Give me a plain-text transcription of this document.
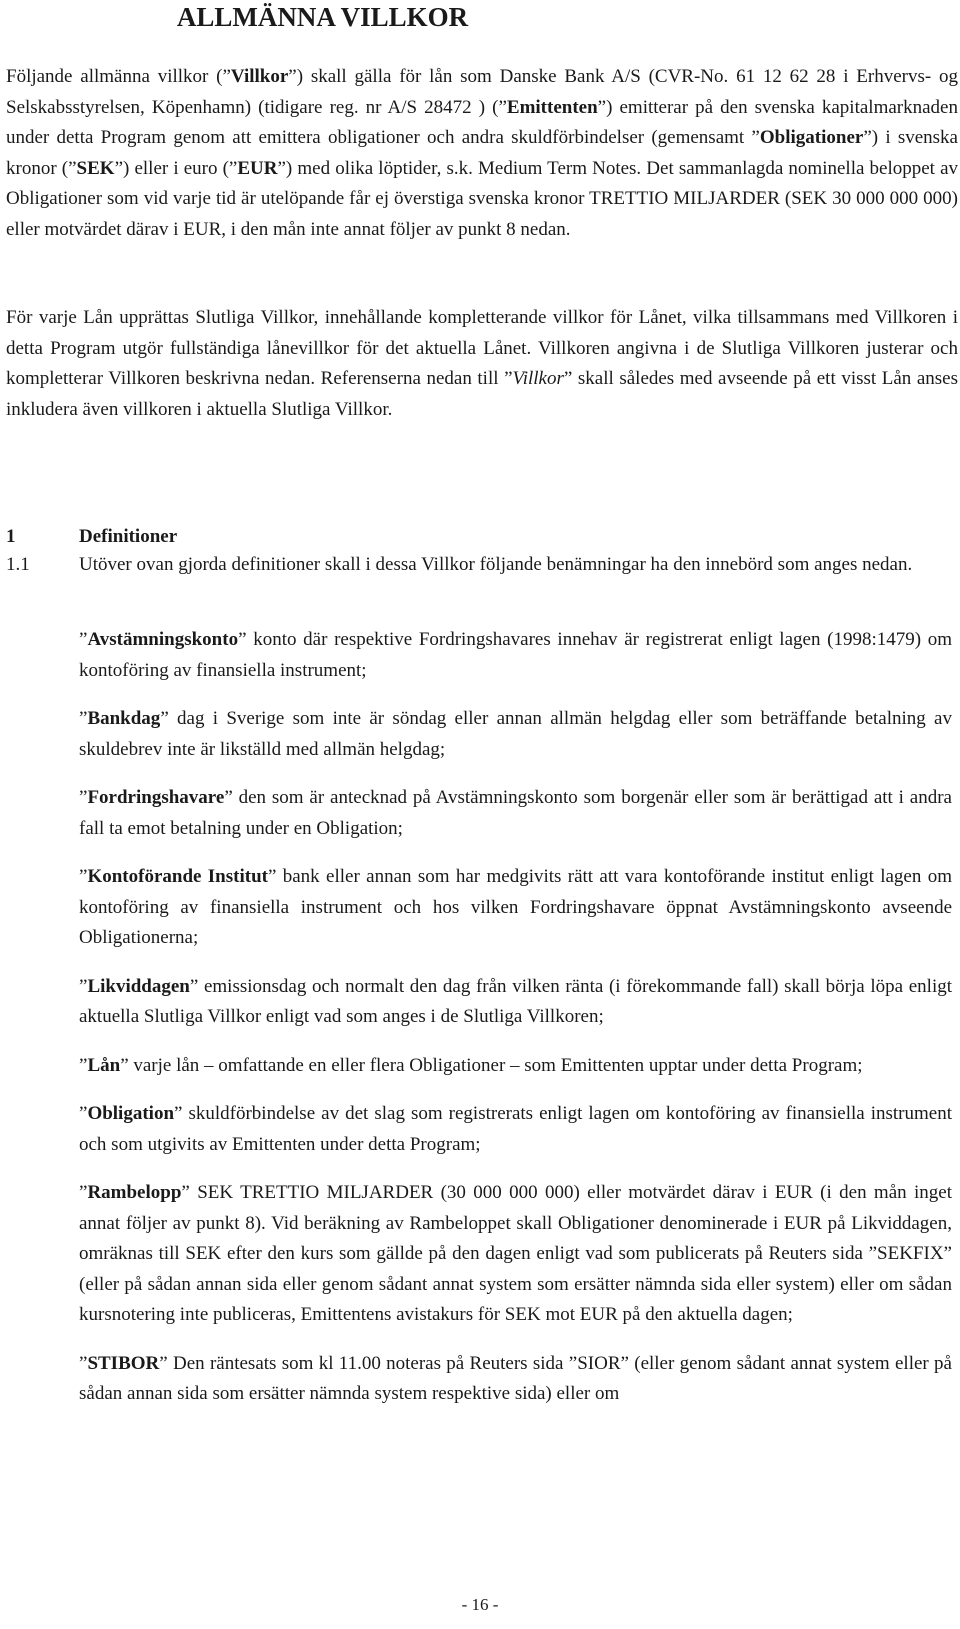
ALLMÄNNA VILLKOR

Följande allmänna villkor (”Villkor”) skall gälla för lån som Danske Bank A/S (CVR-No. 61 12 62 28 i Erhvervs- og Selskabsstyrelsen, Köpenhamn) (tidigare reg. nr A/S 28472 ) (”Emittenten”) emitterar på den svenska kapitalmarknaden under detta Program genom att emittera obligationer och andra skuldförbindelser (gemensamt ”Obligationer”) i svenska kronor (”SEK”) eller i euro (”EUR”) med olika löptider, s.k. Medium Term Notes. Det sammanlagda nominella beloppet av Obligationer som vid varje tid är utelöpande får ej överstiga svenska kronor TRETTIO MILJARDER (SEK 30 000 000 000) eller motvärdet därav i EUR, i den mån inte annat följer av punkt 8 nedan.

För varje Lån upprättas Slutliga Villkor, innehållande kompletterande villkor för Lånet, vilka tillsammans med Villkoren i detta Program utgör fullständiga lånevillkor för det aktuella Lånet. Villkoren angivna i de Slutliga Villkoren justerar och kompletterar Villkoren beskrivna nedan. Referenserna nedan till ”Villkor” skall således med avseende på ett visst Lån anses inkludera även villkoren i aktuella Slutliga Villkor.

1	Definitioner
1.1	Utöver ovan gjorda definitioner skall i dessa Villkor följande benämningar ha den innebörd som anges nedan.

”Avstämningskonto” konto där respektive Fordringshavares innehav är registrerat enligt lagen (1998:1479) om kontoföring av finansiella instrument;

”Bankdag” dag i Sverige som inte är söndag eller annan allmän helgdag eller som beträffande betalning av skuldebrev inte är likställd med allmän helgdag;

”Fordringshavare” den som är antecknad på Avstämningskonto som borgenär eller som är berättigad att i andra fall ta emot betalning under en Obligation;

”Kontoförande Institut” bank eller annan som har medgivits rätt att vara kontoförande institut enligt lagen om kontoföring av finansiella instrument och hos vilken Fordringshavare öppnat Avstämningskonto avseende Obligationerna;

”Likviddagen” emissionsdag och normalt den dag från vilken ränta (i förekommande fall) skall börja löpa enligt aktuella Slutliga Villkor enligt vad som anges i de Slutliga Villkoren;

”Lån” varje lån – omfattande en eller flera Obligationer – som Emittenten upptar under detta Program;

”Obligation” skuldförbindelse av det slag som registrerats enligt lagen om kontoföring av finansiella instrument och som utgivits av Emittenten under detta Program;

”Rambelopp” SEK TRETTIO MILJARDER (30 000 000 000) eller motvärdet därav i EUR (i den mån inget annat följer av punkt 8). Vid beräkning av Rambeloppet skall Obligationer denominerade i EUR på Likviddagen, omräknas till SEK efter den kurs som gällde på den dagen enligt vad som publicerats på Reuters sida ”SEKFIX” (eller på sådan annan sida eller genom sådant annat system som ersätter nämnda sida eller system) eller om sådan kursnotering inte publiceras, Emittentens avistakurs för SEK mot EUR på den aktuella dagen;

”STIBOR” Den räntesats som kl 11.00 noteras på Reuters sida ”SIOR” (eller genom sådant annat system eller på sådan annan sida som ersätter nämnda system respektive sida) eller om

- 16 -
